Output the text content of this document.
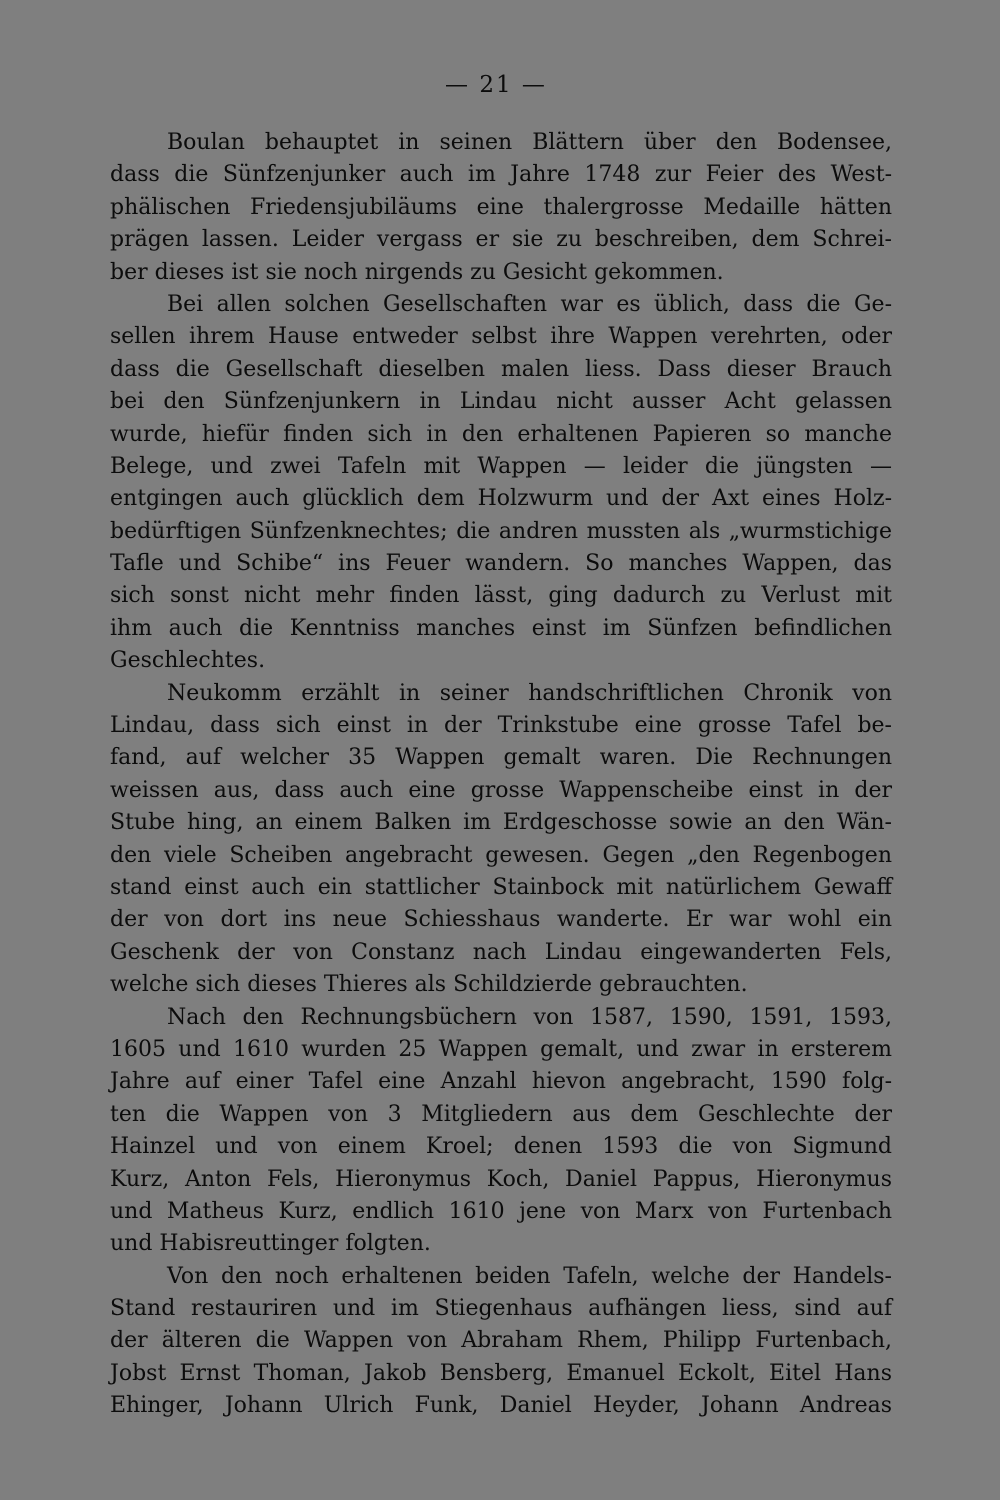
— 21 —
Boulan behauptet in seinen Blättern über den Bodensee,
dass die Sünfzenjunker auch im Jahre 1748 zur Feier des West-
phälischen Friedensjubiläums eine thalergrosse Medaille hätten
prägen lassen. Leider vergass er sie zu beschreiben, dem Schrei-
ber dieses ist sie noch nirgends zu Gesicht gekommen.
Bei allen solchen Gesellschaften war es üblich, dass die Ge-
sellen ihrem Hause entweder selbst ihre Wappen verehrten, oder
dass die Gesellschaft dieselben malen liess. Dass dieser Brauch
bei den Sünfzenjunkern in Lindau nicht ausser Acht gelassen
wurde, hiefür finden sich in den erhaltenen Papieren so manche
Belege, und zwei Tafeln mit Wappen — leider die jüngsten —
entgingen auch glücklich dem Holzwurm und der Axt eines Holz-
bedürftigen Sünfzenknechtes; die andren mussten als „wurmstichige
Tafle und Schibe“ ins Feuer wandern. So manches Wappen, das
sich sonst nicht mehr finden lässt, ging dadurch zu Verlust mit
ihm auch die Kenntniss manches einst im Sünfzen befindlichen
Geschlechtes.
Neukomm erzählt in seiner handschriftlichen Chronik von
Lindau, dass sich einst in der Trinkstube eine grosse Tafel be-
fand, auf welcher 35 Wappen gemalt waren. Die Rechnungen
weissen aus, dass auch eine grosse Wappenscheibe einst in der
Stube hing, an einem Balken im Erdgeschosse sowie an den Wän-
den viele Scheiben angebracht gewesen. Gegen „den Regenbogen
stand einst auch ein stattlicher Stainbock mit natürlichem Gewaff
der von dort ins neue Schiesshaus wanderte. Er war wohl ein
Geschenk der von Constanz nach Lindau eingewanderten Fels,
welche sich dieses Thieres als Schildzierde gebrauchten.
Nach den Rechnungsbüchern von 1587, 1590, 1591, 1593,
1605 und 1610 wurden 25 Wappen gemalt, und zwar in ersterem
Jahre auf einer Tafel eine Anzahl hievon angebracht, 1590 folg-
ten die Wappen von 3 Mitgliedern aus dem Geschlechte der
Hainzel und von einem Kroel; denen 1593 die von Sigmund
Kurz, Anton Fels, Hieronymus Koch, Daniel Pappus, Hieronymus
und Matheus Kurz, endlich 1610 jene von Marx von Furtenbach
und Habisreuttinger folgten.
Von den noch erhaltenen beiden Tafeln, welche der Handels-
Stand restauriren und im Stiegenhaus aufhängen liess, sind auf
der älteren die Wappen von Abraham Rhem, Philipp Furtenbach,
Jobst Ernst Thoman, Jakob Bensberg, Emanuel Eckolt, Eitel Hans
Ehinger, Johann Ulrich Funk, Daniel Heyder, Johann Andreas
